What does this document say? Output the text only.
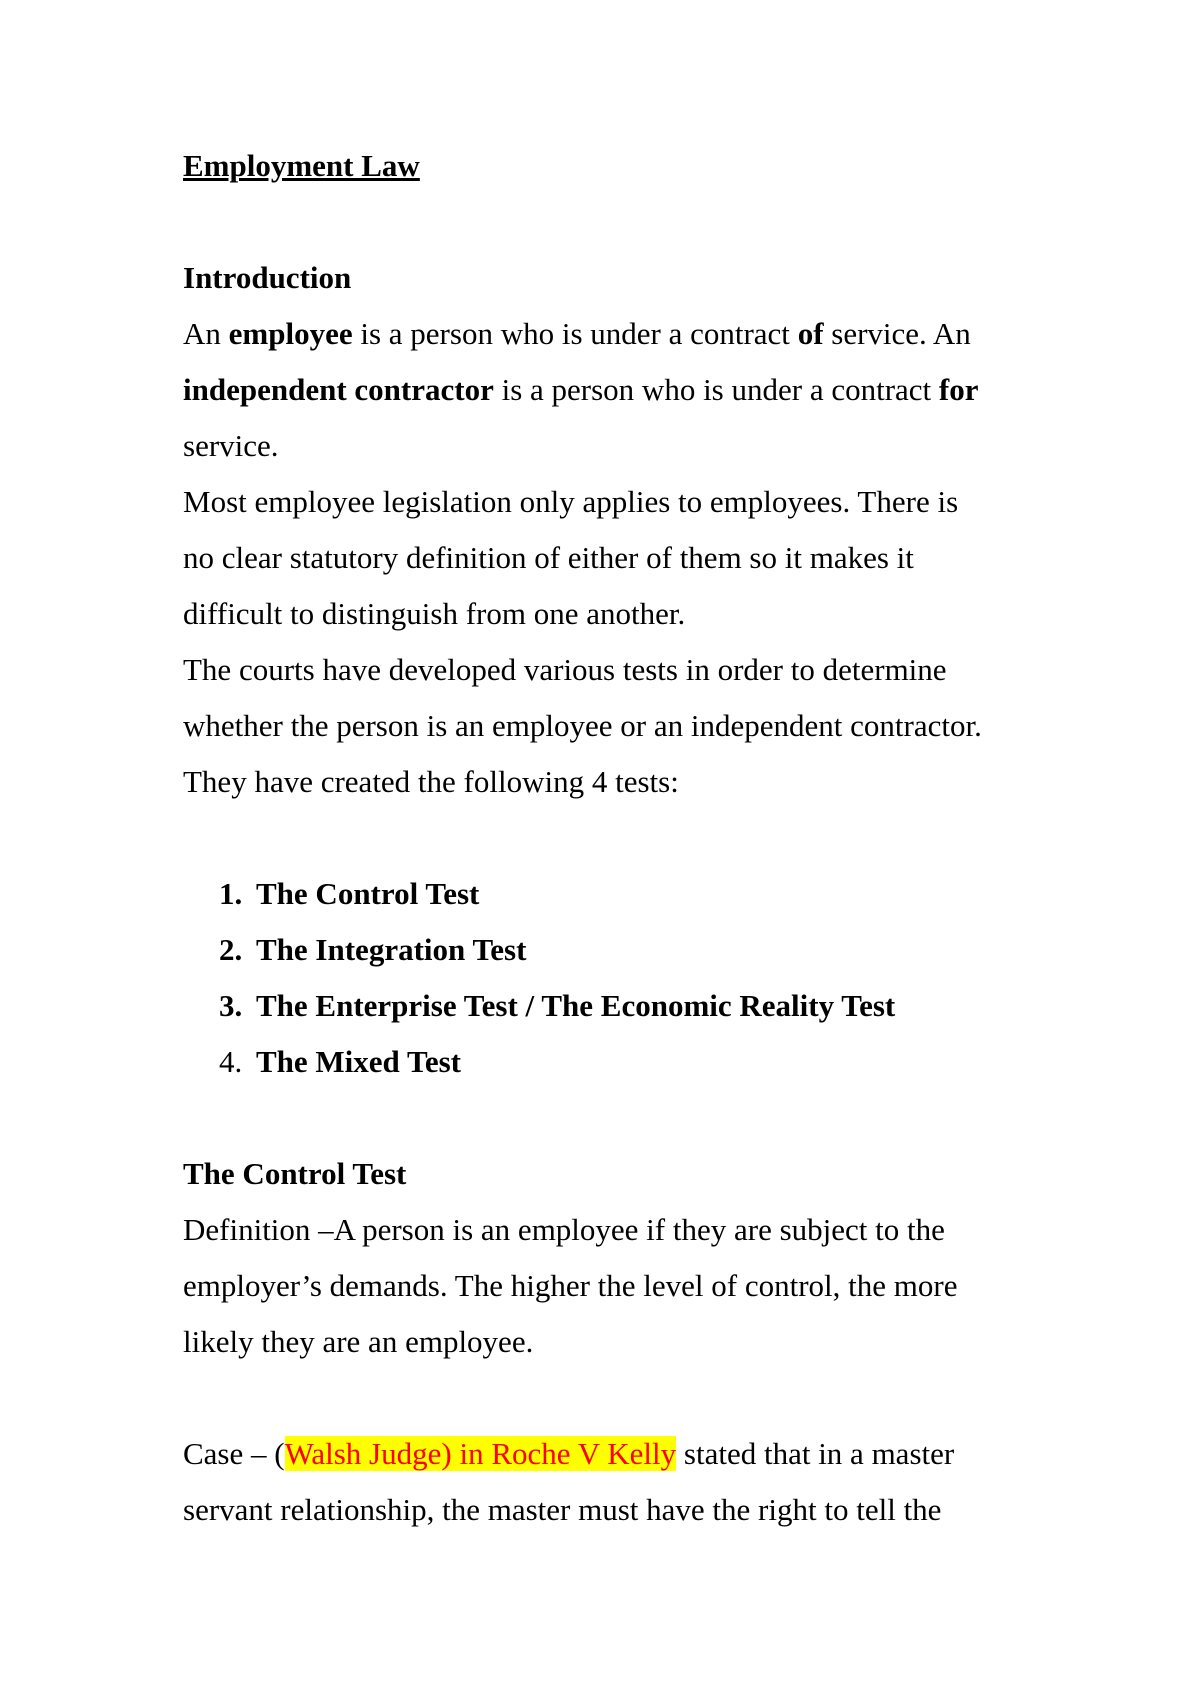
Employment Law
Introduction
An employee is a person who is under a contract of service. An
independent contractor is a person who is under a contract for
service.
Most employee legislation only applies to employees. There is
no clear statutory definition of either of them so it makes it
difficult to distinguish from one another.
The courts have developed various tests in order to determine
whether the person is an employee or an independent contractor.
They have created the following 4 tests:
1. The Control Test
2. The Integration Test
3. The Enterprise Test / The Economic Reality Test
4. The Mixed Test
The Control Test
Definition –A person is an employee if they are subject to the
employer’s demands. The higher the level of control, the more
likely they are an employee.
Case – (Walsh Judge) in Roche V Kelly stated that in a master
servant relationship, the master must have the right to tell the
